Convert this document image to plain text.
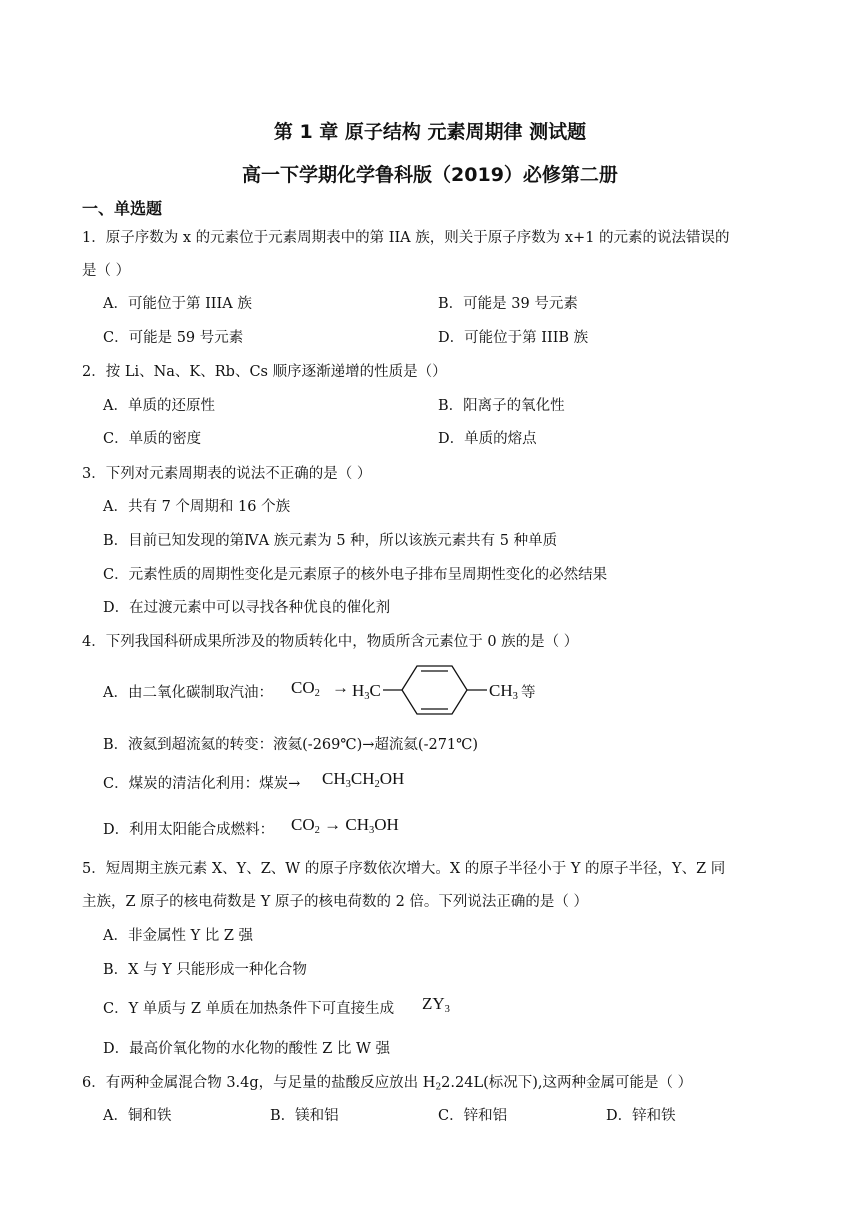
第 1 章 原子结构 元素周期律 测试题
高一下学期化学鲁科版（2019）必修第二册
一、单选题
1．原子序数为 x 的元素位于元素周期表中的第 IIA 族，则关于原子序数为 x+1 的元素的说法错误的
是（ ）
A．可能位于第 IIIA 族	B．可能是 39 号元素
C．可能是 59 号元素	D．可能位于第 IIIB 族
2．按 Li、Na、K、Rb、Cs 顺序逐渐递增的性质是（）
A．单质的还原性	B．阳离子的氧化性
C．单质的密度	D．单质的熔点
3．下列对元素周期表的说法不正确的是（ ）
A．共有 7 个周期和 16 个族
B．目前已知发现的第ⅣA 族元素为 5 种，所以该族元素共有 5 种单质
C．元素性质的周期性变化是元素原子的核外电子排布呈周期性变化的必然结果
D．在过渡元素中可以寻找各种优良的催化剂
4．下列我国科研成果所涉及的物质转化中，物质所含元素位于 0 族的是（ ）
A．由二氧化碳制取汽油： $CO_2 \to H_3C$	$CH_3$ 等
B．液氦到超流氦的转变：液氦(-269℃)→超流氦(-271℃)
C．煤炭的清洁化利用：煤炭→ $CH_3CH_2OH$
D．利用太阳能合成燃料： $CO_2 \to CH_3OH$
5．短周期主族元素 X、Y、Z、W 的原子序数依次增大。X 的原子半径小于 Y 的原子半径，Y、Z 同
主族，Z 原子的核电荷数是 Y 原子的核电荷数的 2 倍。下列说法正确的是（ ）
A．非金属性 Y 比 Z 强
B．X 与 Y 只能形成一种化合物
C．Y 单质与 Z 单质在加热条件下可直接生成 $ZY_3$
D．最高价氧化物的水化物的酸性 Z 比 W 强
6．有两种金属混合物 3.4g，与足量的盐酸反应放出 $H_22.24L$(标况下),这两种金属可能是（ ）
A．铜和铁	B．镁和铝	C．锌和铝	D．锌和铁
